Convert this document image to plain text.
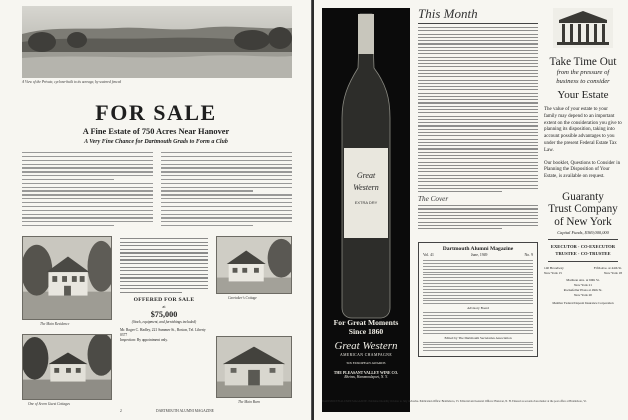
A View of the Private, cyclone-built to its acreage, by watered fenced
FOR SALE
A Fine Estate of 750 Acres Near Hanover
A Very Fine Chance for Dartmouth Grads to Form a Club
The Main Residence
OFFERED FOR SALE
at
$75,000
(Stock, equipment, and furnishings included)
Mr. Roger C. Hadley, 221 Summer St., Boston, Tel. Liberty 0377
Inspection: By appointment only.
Caretaker's Cottage
One of Seven Guest Cottages	The Main Barn
2	DARTMOUTH ALUMNI MAGAZINE
Great
Western
EXTRA DRY
For Great Moments
Since 1860
Great Western
AMERICAN CHAMPAGNE
SIX EUROPEAN AWARDS
THE PLEASANT VALLEY WINE CO.
Rheims, Hammondsport, N. Y.
This Month
The Cover
Dartmouth Alumni Magazine
Vol. 41	June, 1949	No. 9
Advisory Board
Edited by The Dartmouth Secretaries Association
Take Time Out
from the pressure of
business to consider
Your Estate
The value of your estate to your family may depend to an important extent on the consideration you give to planning its disposition, taking into account possible advantages to you under the present Federal Estate Tax Law.
Our booklet, Questions to Consider in Planning the Disposition of Your Estate, is available on request.
Guaranty
Trust Company
of New York
Capital Funds, $369,000,000
EXECUTOR · CO-EXECUTOR
TRUSTEE · CO-TRUSTEE
140 Broadway
New York 15
Fifth Ave. at 44th St.
New York 18
Madison Ave. at 60th St.
New York 21
Rockefeller Plaza at 49th St.
New York 20
Member Federal Deposit Insurance Corporation
DARTMOUTH ALUMNI MAGAZINE. Published monthly October to July inclusive. Publication Office: Brattleboro, Vt. Editorial and General Offices: Hanover, N. H. Entered as second-class matter at the post office at Brattleboro, Vt.
